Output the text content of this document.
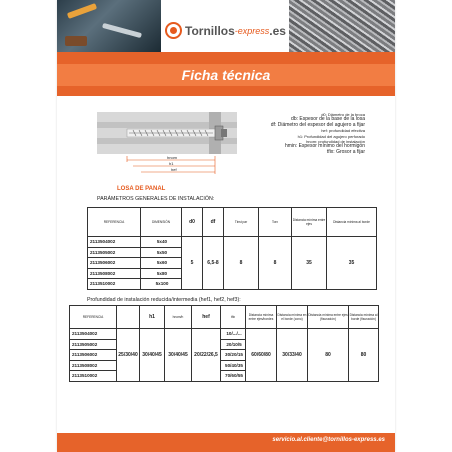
Tornillos -express .es
Ficha técnica
hnom
h1
hef
d0: Diámetro de la broca
db: Espesor de la base de la losa
df: Diámetro del espesor del agujero a fijar
hef: profundidad efectiva
h1: Profundidad del agujero perforado
hnom: profundidad de instalación
hmin: Espesor mínimo del hormigón
tfix: Grosor a fijar
LOSA DE PANAL
PARÁMETROS GENERALES DE INSTALACIÓN:
REFERENCIA	DIMENSIÓN	d0	df	Tinst par	Torx	Distancia mínima entre ejes	Distancia mínima al borde
2113504002	5x40	5	6,5-8	8	8	35	35
2113505002	5x50						
2113506002	5x60						
2113508002	5x80						
2113510002	5x100						
Profundidad de instalación reducida/intermedia (hef1, hef2, hef3):
REFERENCIA		h1	hnom/h	hef	tfix	Distancia mínima entre ejes/bordes	Distancia mínima en el borde (cono)	Distancia mínima entre ejes (fisuración)	Distancia mínima al borde (fisuración)
2113504002	25/30/40	30/40/45	30/40/45	20/22/26,5	10/.../...	60/60/80	30/33/40	80	80
2113505002					20/10/5				
2113506002					30/20/15				
2113508002					50/40/35				
2113510002					70/60/55				
servicio.al.cliente@tornillos-express.es
